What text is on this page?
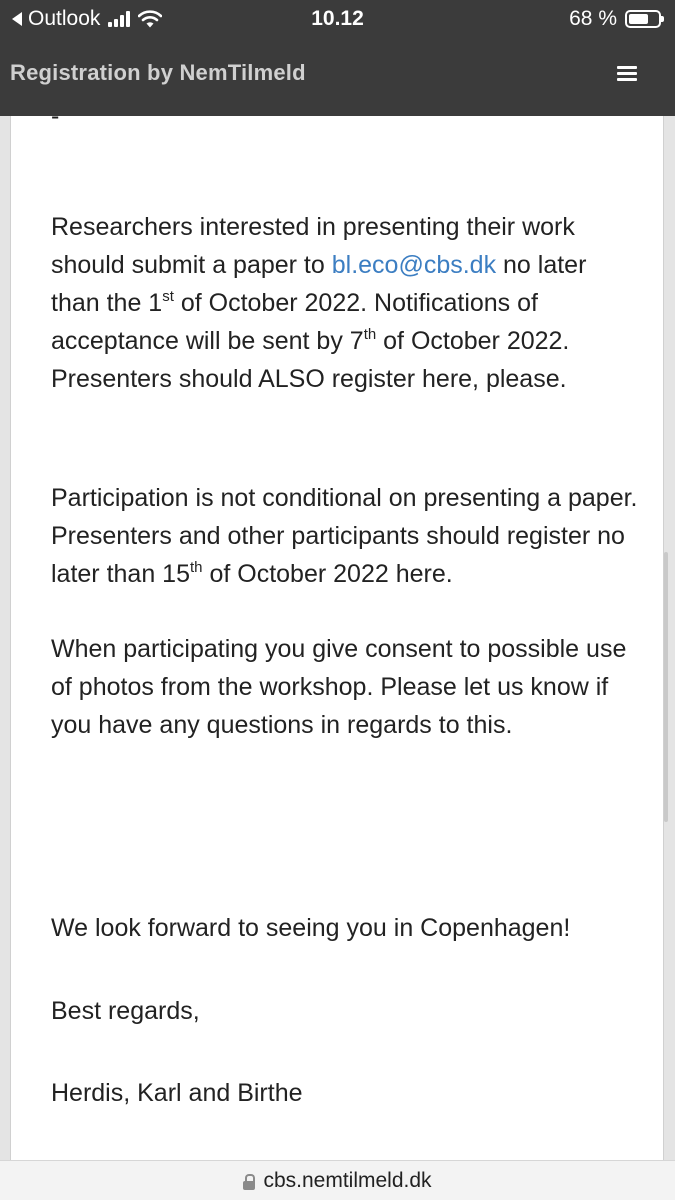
Outlook	10.12	68 %
Registration by NemTilmeld
-

Researchers interested in presenting their work should submit a paper to bl.eco@cbs.dk no later than the 1st of October 2022. Notifications of acceptance will be sent by 7th of October 2022. Presenters should ALSO register here, please.

Participation is not conditional on presenting a paper. Presenters and other participants should register no later than 15th of October 2022 here.

When participating you give consent to possible use of photos from the workshop. Please let us know if you have any questions in regards to this.

We look forward to seeing you in Copenhagen!

Best regards,

Herdis, Karl and Birthe

cbs.nemtilmeld.dk
